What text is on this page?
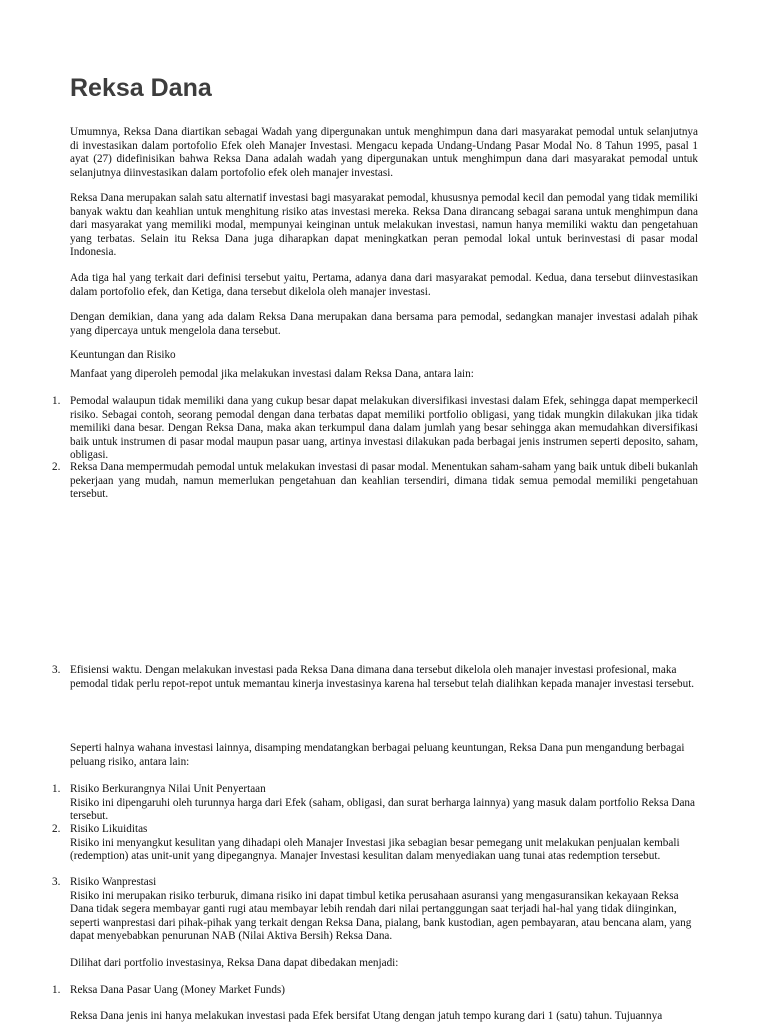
Reksa Dana

Umumnya, Reksa Dana diartikan sebagai Wadah yang dipergunakan untuk menghimpun dana dari masyarakat pemodal untuk selanjutnya di investasikan dalam portofolio Efek oleh Manajer Investasi. Mengacu kepada Undang-Undang Pasar Modal No. 8 Tahun 1995, pasal 1 ayat (27) didefinisikan bahwa Reksa Dana adalah wadah yang dipergunakan untuk menghimpun dana dari masyarakat pemodal untuk selanjutnya diinvestasikan dalam portofolio efek oleh manajer investasi.

Reksa Dana merupakan salah satu alternatif investasi bagi masyarakat pemodal, khususnya pemodal kecil dan pemodal yang tidak memiliki banyak waktu dan keahlian untuk menghitung risiko atas investasi mereka. Reksa Dana dirancang sebagai sarana untuk menghimpun dana dari masyarakat yang memiliki modal, mempunyai keinginan untuk melakukan investasi, namun hanya memiliki waktu dan pengetahuan yang terbatas. Selain itu Reksa Dana juga diharapkan dapat meningkatkan peran pemodal lokal untuk berinvestasi di pasar modal Indonesia.

Ada tiga hal yang terkait dari definisi tersebut yaitu, Pertama, adanya dana dari masyarakat pemodal. Kedua, dana tersebut diinvestasikan dalam portofolio efek, dan Ketiga, dana tersebut dikelola oleh manajer investasi.

Dengan demikian, dana yang ada dalam Reksa Dana merupakan dana bersama para pemodal, sedangkan manajer investasi adalah pihak yang dipercaya untuk mengelola dana tersebut.

Keuntungan dan Risiko

Manfaat yang diperoleh pemodal jika melakukan investasi dalam Reksa Dana, antara lain:

1. Pemodal walaupun tidak memiliki dana yang cukup besar dapat melakukan diversifikasi investasi dalam Efek, sehingga dapat memperkecil risiko. Sebagai contoh, seorang pemodal dengan dana terbatas dapat memiliki portfolio obligasi, yang tidak mungkin dilakukan jika tidak memiliki dana besar. Dengan Reksa Dana, maka akan terkumpul dana dalam jumlah yang besar sehingga akan memudahkan diversifikasi baik untuk instrumen di pasar modal maupun pasar uang, artinya investasi dilakukan pada berbagai jenis instrumen seperti deposito, saham, obligasi.
2. Reksa Dana mempermudah pemodal untuk melakukan investasi di pasar modal. Menentukan saham-saham yang baik untuk dibeli bukanlah pekerjaan yang mudah, namun memerlukan pengetahuan dan keahlian tersendiri, dimana tidak semua pemodal memiliki pengetahuan tersebut.
3. Efisiensi waktu. Dengan melakukan investasi pada Reksa Dana dimana dana tersebut dikelola oleh manajer investasi profesional, maka pemodal tidak perlu repot-repot untuk memantau kinerja investasinya karena hal tersebut telah dialihkan kepada manajer investasi tersebut.

Seperti halnya wahana investasi lainnya, disamping mendatangkan berbagai peluang keuntungan, Reksa Dana pun mengandung berbagai peluang risiko, antara lain:

1. Risiko Berkurangnya Nilai Unit Penyertaan
Risiko ini dipengaruhi oleh turunnya harga dari Efek (saham, obligasi, dan surat berharga lainnya) yang masuk dalam portfolio Reksa Dana tersebut.
2. Risiko Likuiditas
Risiko ini menyangkut kesulitan yang dihadapi oleh Manajer Investasi jika sebagian besar pemegang unit melakukan penjualan kembali (redemption) atas unit-unit yang dipegangnya. Manajer Investasi kesulitan dalam menyediakan uang tunai atas redemption tersebut.
3. Risiko Wanprestasi
Risiko ini merupakan risiko terburuk, dimana risiko ini dapat timbul ketika perusahaan asuransi yang mengasuransikan kekayaan Reksa Dana tidak segera membayar ganti rugi atau membayar lebih rendah dari nilai pertanggungan saat terjadi hal-hal yang tidak diinginkan, seperti wanprestasi dari pihak-pihak yang terkait dengan Reksa Dana, pialang, bank kustodian, agen pembayaran, atau bencana alam, yang dapat menyebabkan penurunan NAB (Nilai Aktiva Bersih) Reksa Dana.

Dilihat dari portfolio investasinya, Reksa Dana dapat dibedakan menjadi:

1. Reksa Dana Pasar Uang (Money Market Funds)

Reksa Dana jenis ini hanya melakukan investasi pada Efek bersifat Utang dengan jatuh tempo kurang dari 1 (satu) tahun. Tujuannya
